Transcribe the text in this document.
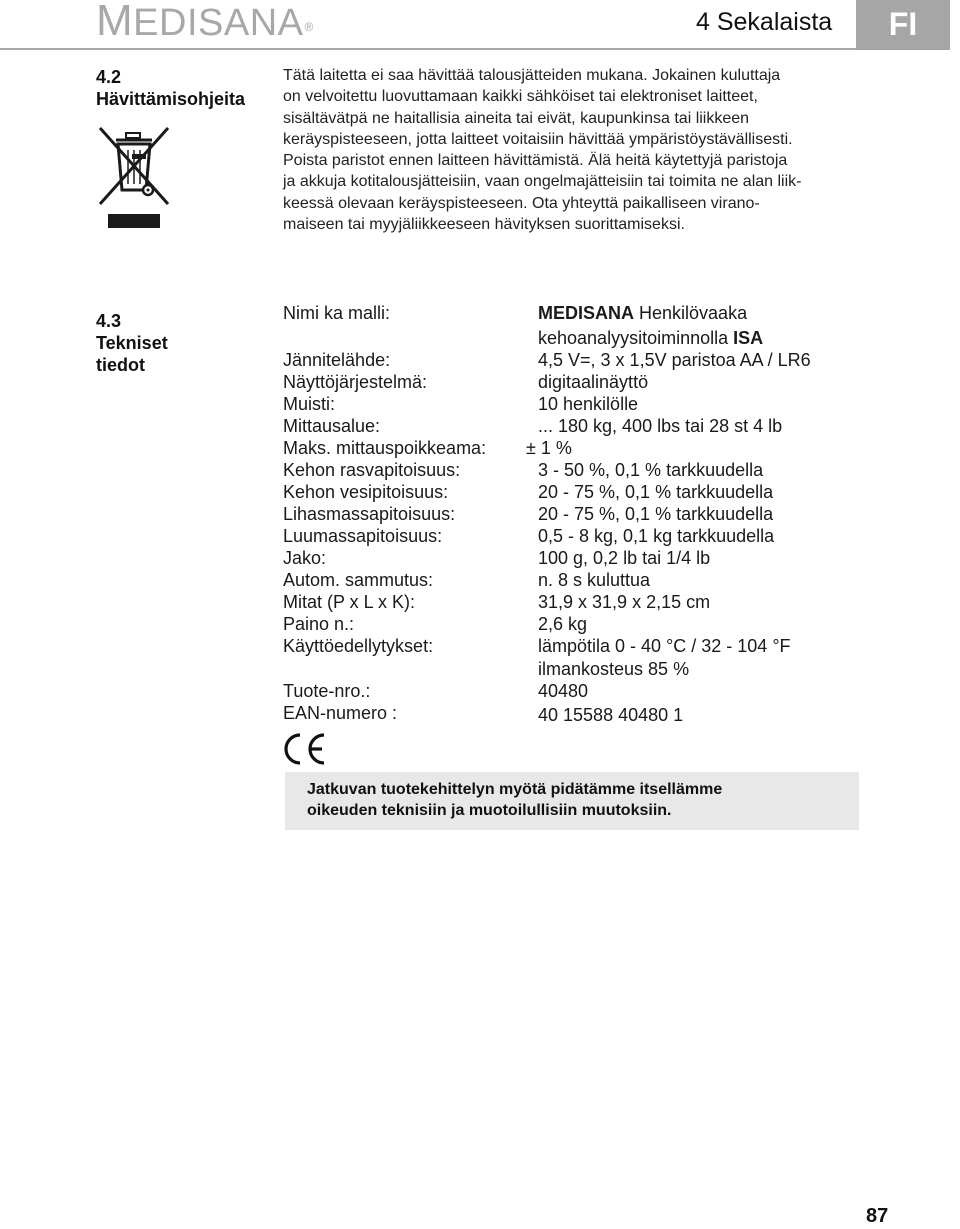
MEDISANA®	4 Sekalaista	FI
4.2
Hävittämisohjeita
Tätä laitetta ei saa hävittää talousjätteiden mukana. Jokainen kuluttaja
on velvoitettu luovuttamaan kaikki sähköiset tai elektroniset laitteet,
sisältävätpä ne haitallisia aineita tai eivät, kaupunkinsa tai liikkeen
keräyspisteeseen, jotta laitteet voitaisiin hävittää ympäristöystävällisesti.
Poista paristot ennen laitteen hävittämistä. Älä heitä käytettyjä paristoja
ja akkuja kotitalousjätteisiin, vaan ongelmajätteisiin tai toimita ne alan liik-
keessä olevaan keräyspisteeseen. Ota yhteyttä paikalliseen virano-
maiseen tai myyjäliikkeeseen hävityksen suorittamiseksi.
4.3
Tekniset
tiedot
Nimi ka malli:	MEDISANA Henkilövaaka
kehoanalyysitoiminnolla ISA
Jännitelähde:	4,5 V=, 3 x 1,5V paristoa AA / LR6
Näyttöjärjestelmä:	digitaalinäyttö
Muisti:	10 henkilölle
Mittausalue:	... 180 kg, 400 lbs tai 28 st 4 lb
Maks. mittauspoikkeama: ± 1 %
Kehon rasvapitoisuus:	3 - 50 %, 0,1 % tarkkuudella
Kehon vesipitoisuus:	20 - 75 %, 0,1 % tarkkuudella
Lihasmassapitoisuus:	20 - 75 %, 0,1 % tarkkuudella
Luumassapitoisuus:	0,5 - 8 kg, 0,1 kg tarkkuudella
Jako:	100 g, 0,2 lb tai 1/4 lb
Autom. sammutus:	n. 8 s kuluttua
Mitat (P x L x K):	31,9 x 31,9 x 2,15 cm
Paino n.:	2,6 kg
Käyttöedellytykset:	lämpötila 0 - 40 °C / 32 - 104 °F
ilmankosteus 85 %
Tuote-nro.:	40480
EAN-numero :	40 15588 40480 1
Jatkuvan tuotekehittelyn myötä pidätämme itsellämme
oikeuden teknisiin ja muotoilullisiin muutoksiin.
87
